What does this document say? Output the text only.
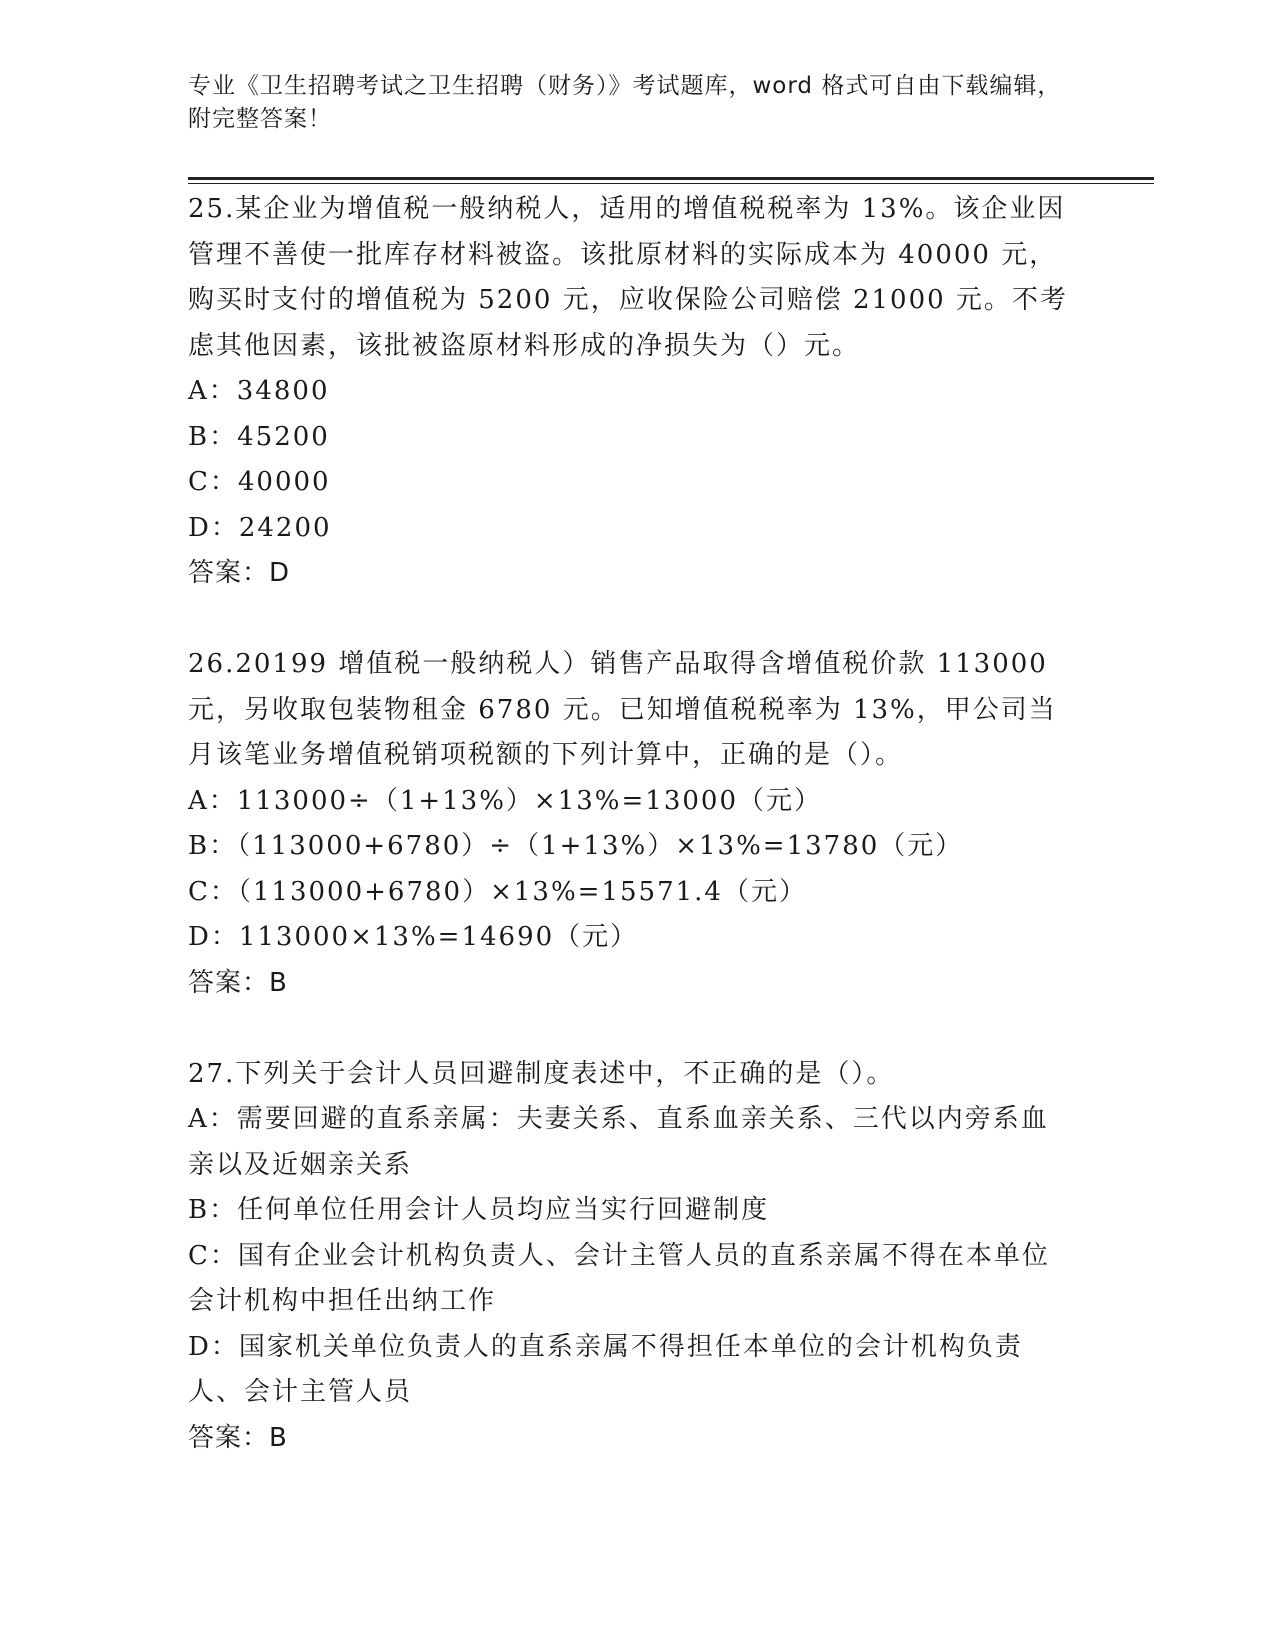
专业《卫生招聘考试之卫生招聘（财务）》考试题库，word 格式可自由下载编辑，附完整答案！
25.某企业为增值税一般纳税人，适用的增值税税率为 13%。该企业因管理不善使一批库存材料被盗。该批原材料的实际成本为 40000 元，购买时支付的增值税为 5200 元，应收保险公司赔偿 21000 元。不考虑其他因素，该批被盗原材料形成的净损失为（）元。
A：34800
B：45200
C：40000
D：24200
答案：D
26.20199 增值税一般纳税人）销售产品取得含增值税价款 113000 元，另收取包装物租金 6780 元。已知增值税税率为 13%，甲公司当月该笔业务增值税销项税额的下列计算中，正确的是（）。
A：113000÷（1+13%）×13%=13000（元）
B：（113000+6780）÷（1+13%）×13%=13780（元）
C：（113000+6780）×13%=15571.4（元）
D：113000×13%=14690（元）
答案：B
27.下列关于会计人员回避制度表述中，不正确的是（）。
A：需要回避的直系亲属：夫妻关系、直系血亲关系、三代以内旁系血亲以及近姻亲关系
B：任何单位任用会计人员均应当实行回避制度
C：国有企业会计机构负责人、会计主管人员的直系亲属不得在本单位会计机构中担任出纳工作
D：国家机关单位负责人的直系亲属不得担任本单位的会计机构负责人、会计主管人员
答案：B
